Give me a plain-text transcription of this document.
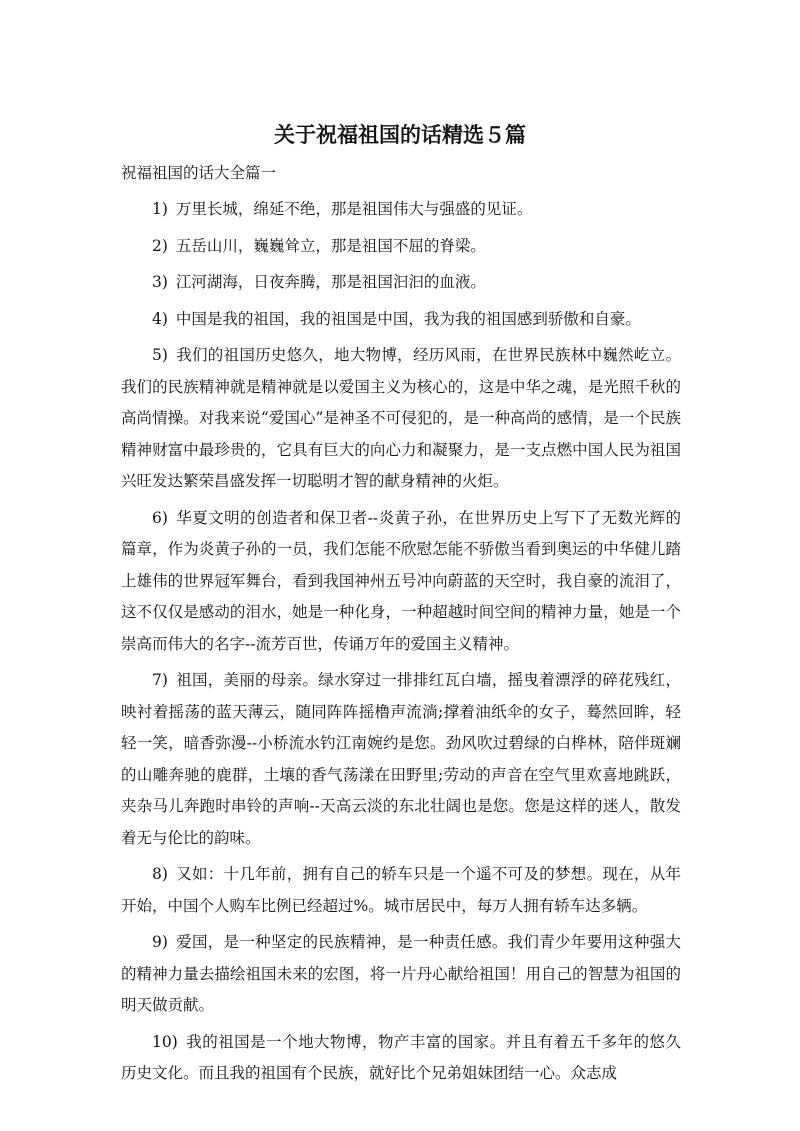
关于祝福祖国的话精选５篇

祝福祖国的话大全篇一

1) 万里长城，绵延不绝，那是祖国伟大与强盛的见证。

2) 五岳山川，巍巍耸立，那是祖国不屈的脊梁。

3) 江河湖海，日夜奔腾，那是祖国汩汩的血液。

4) 中国是我的祖国，我的祖国是中国，我为我的祖国感到骄傲和自豪。

5) 我们的祖国历史悠久，地大物博，经历风雨，在世界民族林中巍然屹立。我们的民族精神就是精神就是以爱国主义为核心的，这是中华之魂，是光照千秋的高尚情操。对我来说“爱国心”是神圣不可侵犯的，是一种高尚的感情，是一个民族精神财富中最珍贵的，它具有巨大的向心力和凝聚力，是一支点燃中国人民为祖国兴旺发达繁荣昌盛发挥一切聪明才智的献身精神的火炬。

6) 华夏文明的创造者和保卫者--炎黄子孙，在世界历史上写下了无数光辉的篇章，作为炎黄子孙的一员，我们怎能不欣慰怎能不骄傲当看到奥运的中华健儿踏上雄伟的世界冠军舞台，看到我国神州五号冲向蔚蓝的天空时，我自豪的流泪了，这不仅仅是感动的泪水，她是一种化身，一种超越时间空间的精神力量，她是一个崇高而伟大的名字--流芳百世，传诵万年的爱国主义精神。

7) 祖国，美丽的母亲。绿水穿过一排排红瓦白墙，摇曳着漂浮的碎花残红，映衬着摇荡的蓝天薄云，随同阵阵摇橹声流淌;撑着油纸伞的女子，蓦然回眸，轻轻一笑，暗香弥漫--小桥流水钓江南婉约是您。劲风吹过碧绿的白桦林，陪伴斑斓的山雕奔驰的鹿群，土壤的香气荡漾在田野里;劳动的声音在空气里欢喜地跳跃，夹杂马儿奔跑时串铃的声响--天高云淡的东北壮阔也是您。您是这样的迷人，散发着无与伦比的韵味。

8) 又如：十几年前，拥有自己的轿车只是一个遥不可及的梦想。现在，从年开始，中国个人购车比例已经超过%。城市居民中，每万人拥有轿车达多辆。

9) 爱国，是一种坚定的民族精神，是一种责任感。我们青少年要用这种强大的精神力量去描绘祖国未来的宏图，将一片丹心献给祖国！用自己的智慧为祖国的明天做贡献。

10) 我的祖国是一个地大物博，物产丰富的国家。并且有着五千多年的悠久历史文化。而且我的祖国有个民族，就好比个兄弟姐妹团结一心。众志成
